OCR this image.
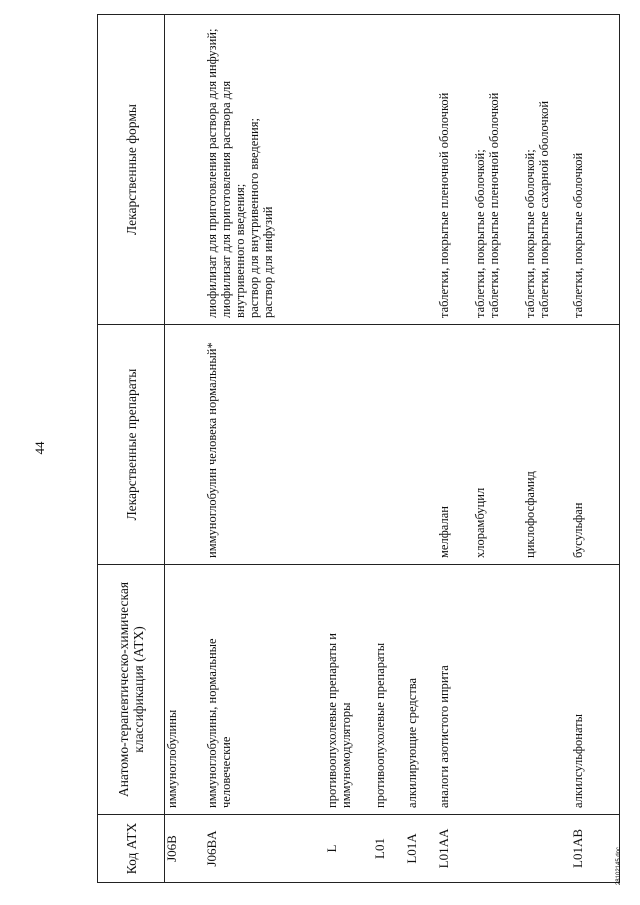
44
Код АТХ	Анатомо-терапевтическо-химическая классификация (АТХ)	Лекарственные препараты	Лекарственные формы
J06B	иммуноглобулины		
J06BA	иммуноглобулины, нормальные человеческие	иммуноглобулин человека нормальный*	лиофилизат для приготовления раствора для инфузий; лиофилизат для приготовления раствора для внутривенного введения; раствор для внутривенного введения; раствор для инфузий

L	противоопухолевые препараты и иммуномодуляторы		
L01	противоопухолевые препараты		
L01A	алкилирующие средства		
L01AA	аналоги азотистого иприта	мелфалан	таблетки, покрытые пленочной оболочкой

		хлорамбуцил	таблетки, покрытые оболочкой; таблетки, покрытые пленочной оболочкой

		циклофосфамид	таблетки, покрытые оболочкой; таблетки, покрытые сахарной оболочкой

L01AB	алкилсульфонаты	бусульфан	таблетки, покрытые оболочкой

28102145.doc
